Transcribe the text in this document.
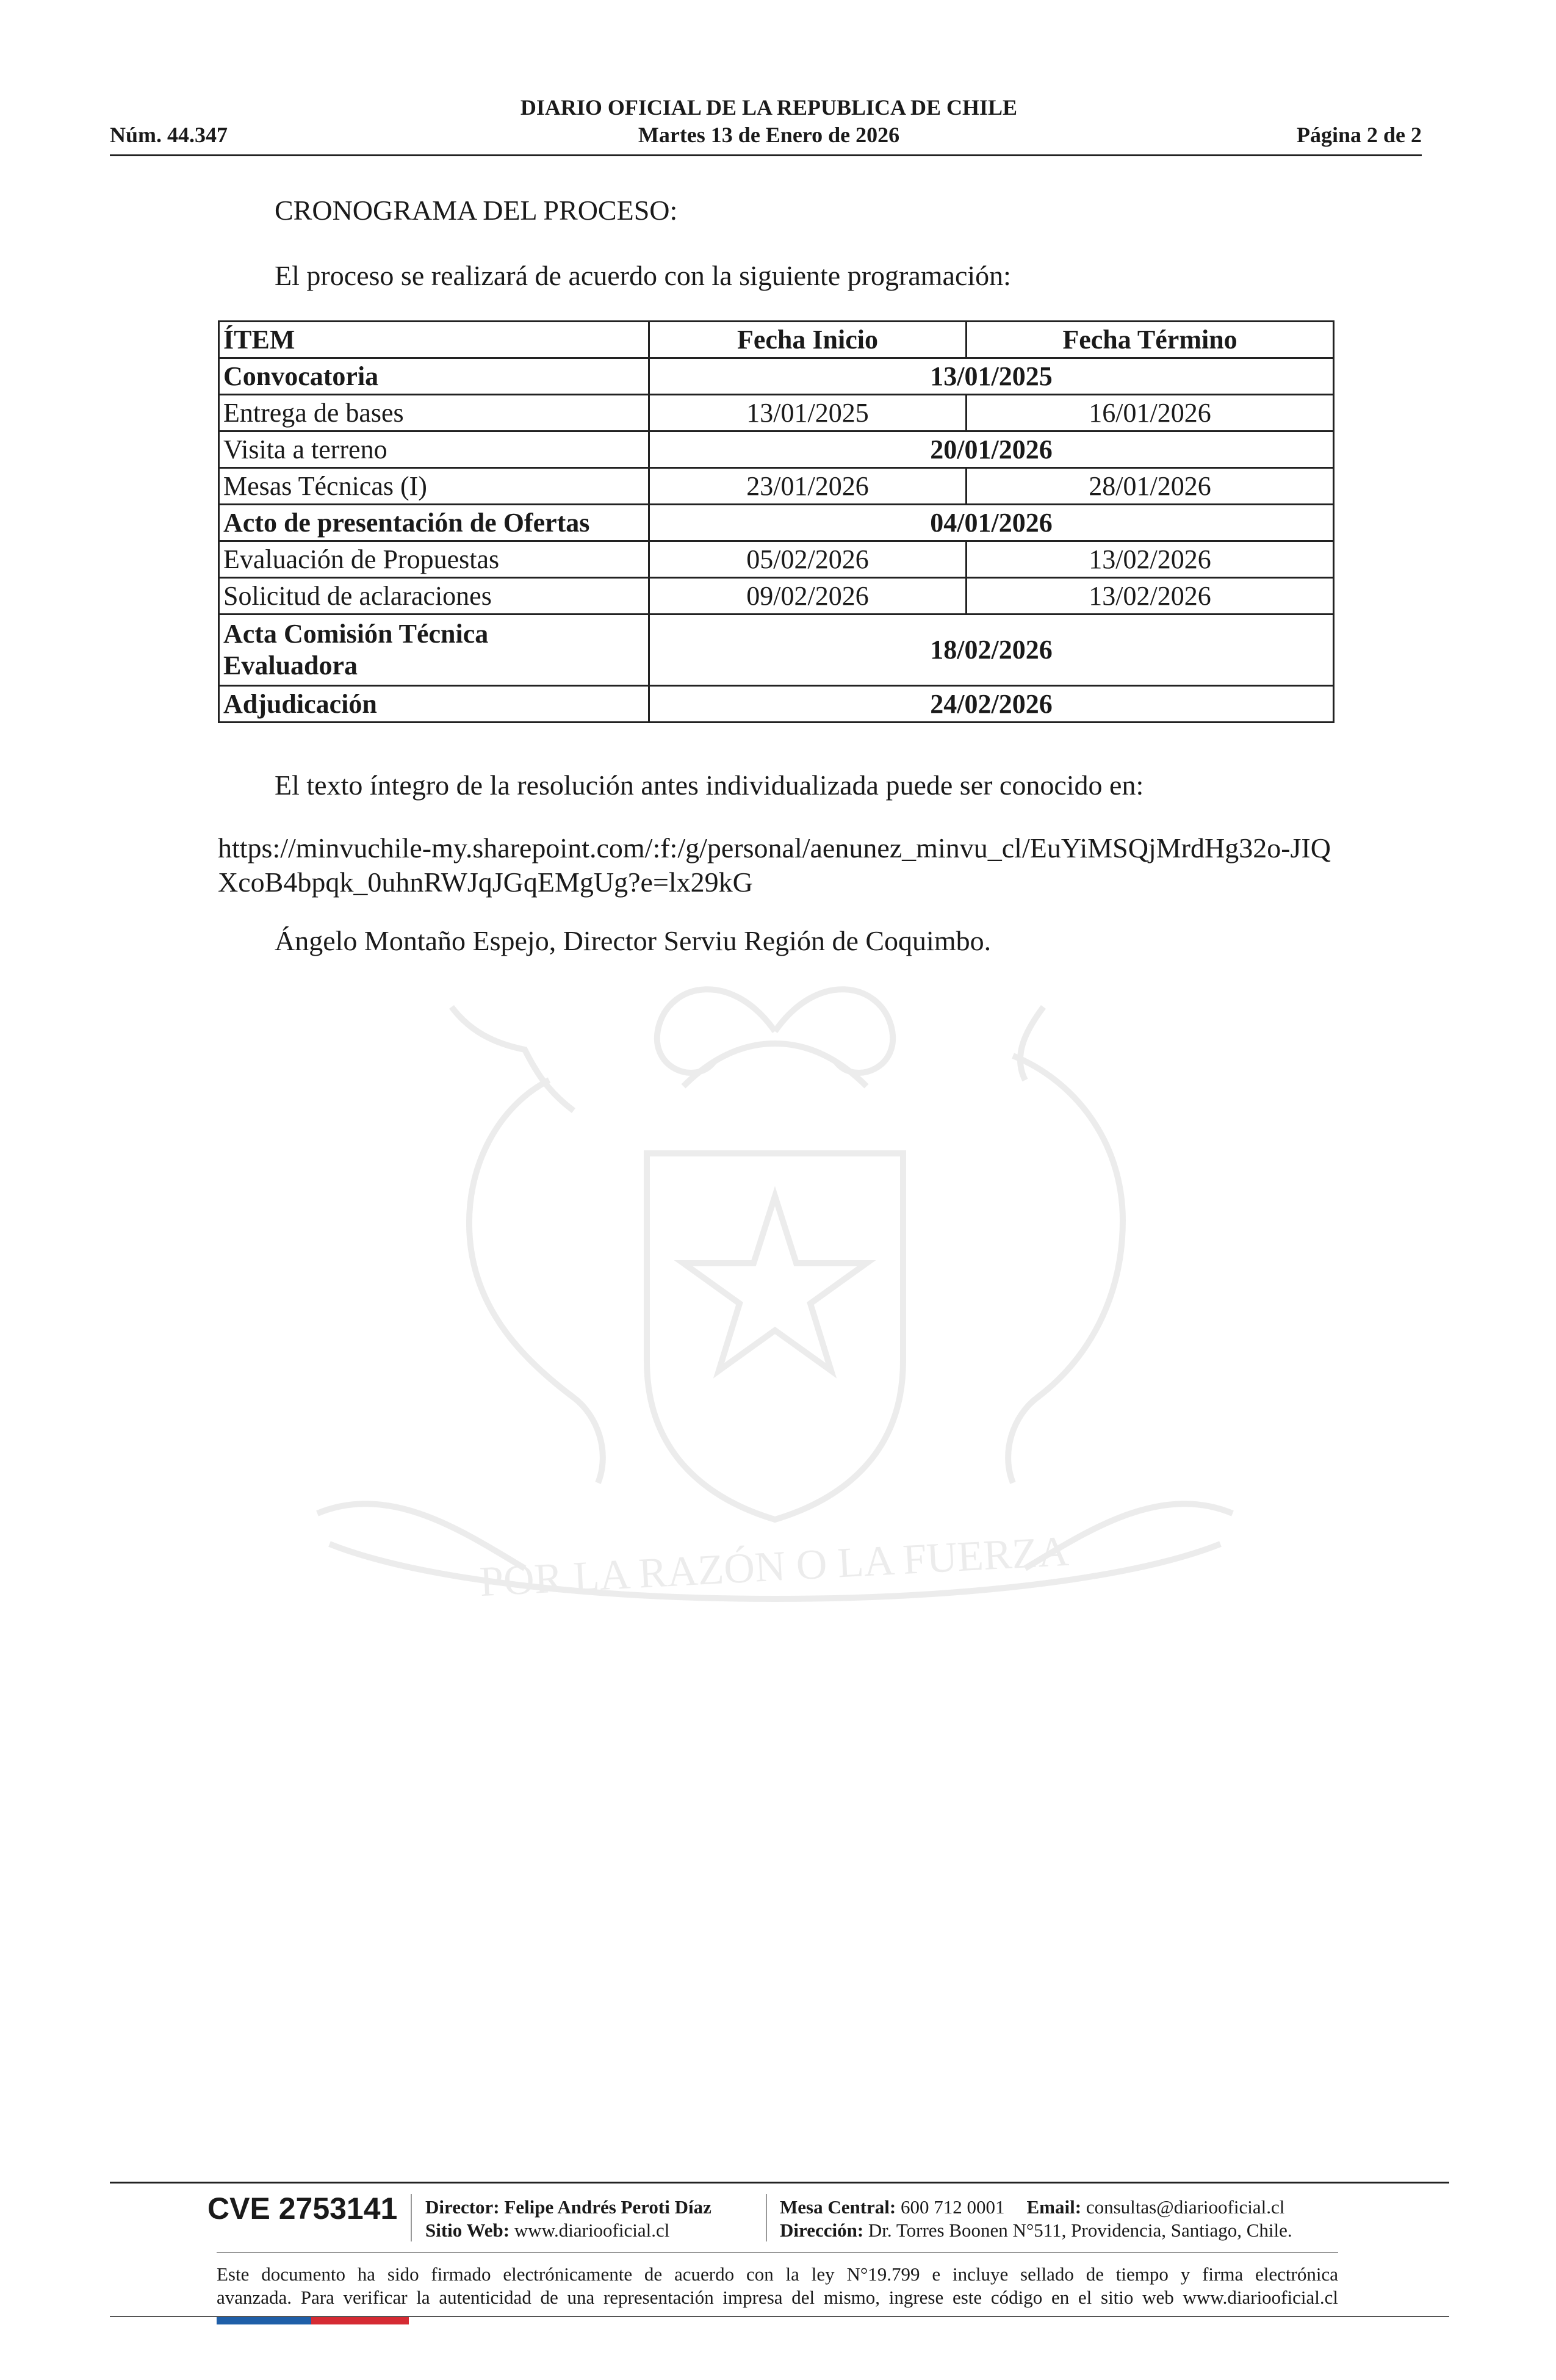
DIARIO OFICIAL DE LA REPUBLICA DE CHILE
Núm. 44.347	Martes 13 de Enero de 2026	Página 2 de 2
POR LA RAZÓN O LA FUERZA
CRONOGRAMA DEL PROCESO:
El proceso se realizará de acuerdo con la siguiente programación:
ÍTEM	Fecha Inicio	Fecha Término
Convocatoria	13/01/2025	
Entrega de bases	13/01/2025	16/01/2026
Visita a terreno	20/01/2026	
Mesas Técnicas (I)	23/01/2026	28/01/2026
Acto de presentación de Ofertas	04/01/2026	
Evaluación de Propuestas	05/02/2026	13/02/2026
Solicitud de aclaraciones	09/02/2026	13/02/2026

Acta Comisión Técnica
Evaluadora	18/02/2026	
Adjudicación	24/02/2026	
El texto íntegro de la resolución antes individualizada puede ser conocido en:
https://minvuchile-my.sharepoint.com/:f:/g/personal/aenunez_minvu_cl/EuYiMSQjMrdHg32o-JIQXcoB4bpqk_0uhnRWJqJGqEMgUg?e=lx29kG
Ángelo Montaño Espejo, Director Serviu Región de Coquimbo.
CVE 2753141 Director: Felipe Andrés Peroti Díaz
Sitio Web: www.diariooficial.cl
Mesa Central: 600 712 0001 Email: consultas@diariooficial.cl
Dirección: Dr. Torres Boonen N°511, Providencia, Santiago, Chile.
Este documento ha sido firmado electrónicamente de acuerdo con la ley N°19.799 e incluye sellado de tiempo y firma electrónica
avanzada. Para verificar la autenticidad de una representación impresa del mismo, ingrese este código en el sitio web www.diariooficial.cl
